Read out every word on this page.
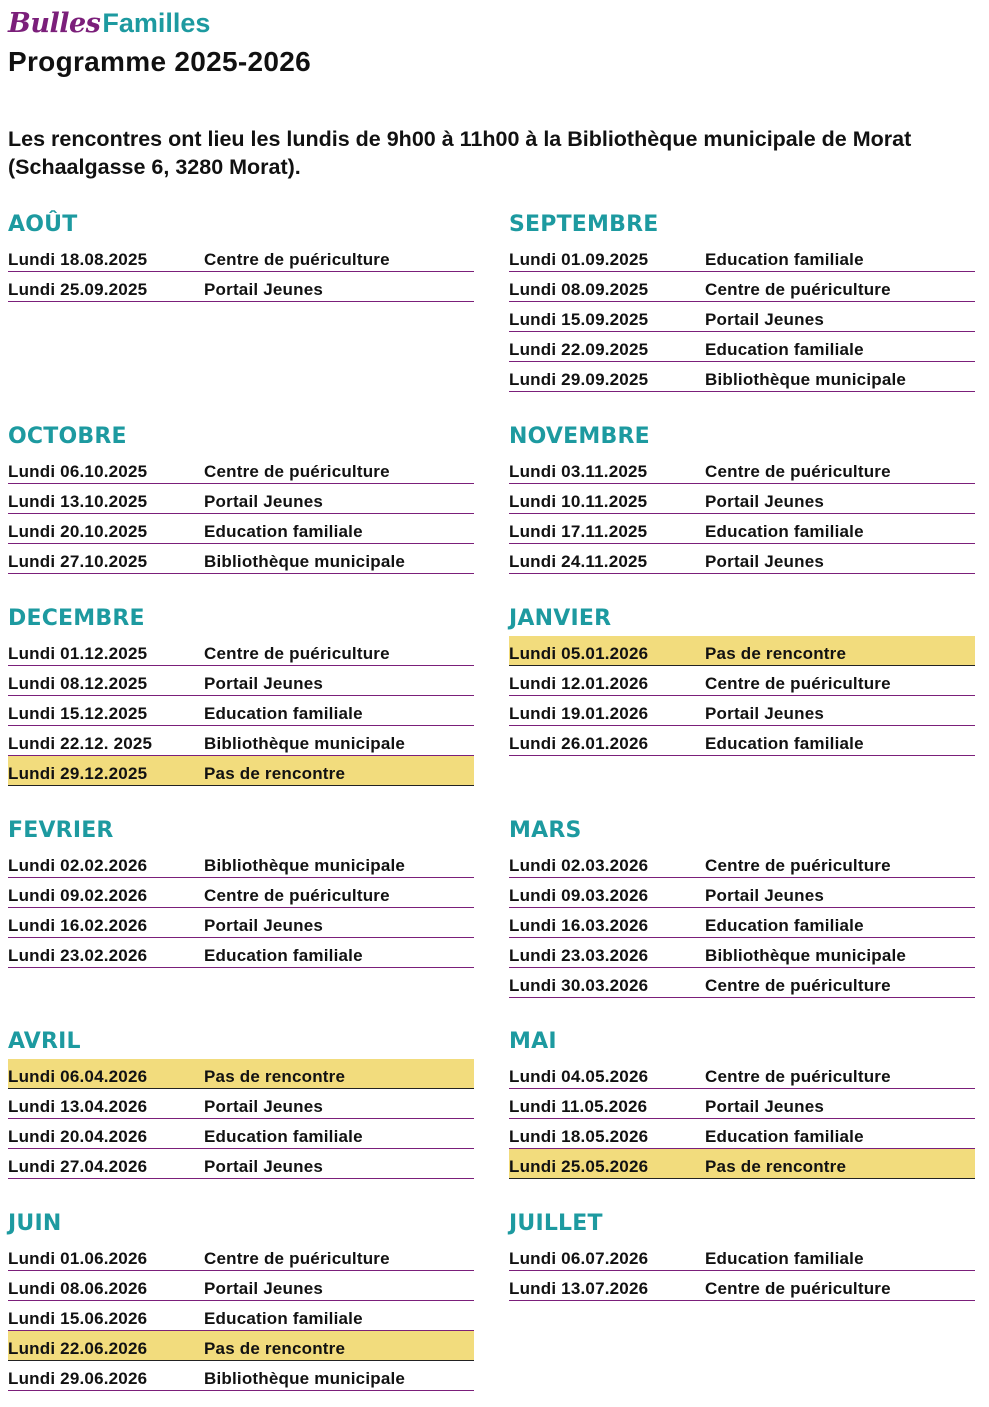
BullesFamilles
Programme 2025-2026

Les rencontres ont lieu les lundis de 9h00 à 11h00 à la Bibliothèque municipale de Morat (Schaalgasse 6, 3280 Morat).

AOÛT
Lundi 18.08.2025	Centre de puériculture
Lundi 25.09.2025	Portail Jeunes
SEPTEMBRE
Lundi 01.09.2025	Education familiale
Lundi 08.09.2025	Centre de puériculture
Lundi 15.09.2025	Portail Jeunes
Lundi 22.09.2025	Education familiale
Lundi 29.09.2025	Bibliothèque municipale
OCTOBRE
Lundi 06.10.2025	Centre de puériculture
Lundi 13.10.2025	Portail Jeunes
Lundi 20.10.2025	Education familiale
Lundi 27.10.2025	Bibliothèque municipale
NOVEMBRE
Lundi 03.11.2025	Centre de puériculture
Lundi 10.11.2025	Portail Jeunes
Lundi 17.11.2025	Education familiale
Lundi 24.11.2025	Portail Jeunes
DECEMBRE
Lundi 01.12.2025	Centre de puériculture
Lundi 08.12.2025	Portail Jeunes
Lundi 15.12.2025	Education familiale
Lundi 22.12. 2025	Bibliothèque municipale
Lundi 29.12.2025	Pas de rencontre
JANVIER
Lundi 05.01.2026	Pas de rencontre
Lundi 12.01.2026	Centre de puériculture
Lundi 19.01.2026	Portail Jeunes
Lundi 26.01.2026	Education familiale
FEVRIER
Lundi 02.02.2026	Bibliothèque municipale
Lundi 09.02.2026	Centre de puériculture
Lundi 16.02.2026	Portail Jeunes
Lundi 23.02.2026	Education familiale
MARS
Lundi 02.03.2026	Centre de puériculture
Lundi 09.03.2026	Portail Jeunes
Lundi 16.03.2026	Education familiale
Lundi 23.03.2026	Bibliothèque municipale
Lundi 30.03.2026	Centre de puériculture
AVRIL
Lundi 06.04.2026	Pas de rencontre
Lundi 13.04.2026	Portail Jeunes
Lundi 20.04.2026	Education familiale
Lundi 27.04.2026	Portail Jeunes
MAI
Lundi 04.05.2026	Centre de puériculture
Lundi 11.05.2026	Portail Jeunes
Lundi 18.05.2026	Education familiale
Lundi 25.05.2026	Pas de rencontre
JUIN
Lundi 01.06.2026	Centre de puériculture
Lundi 08.06.2026	Portail Jeunes
Lundi 15.06.2026	Education familiale
Lundi 22.06.2026	Pas de rencontre
Lundi 29.06.2026	Bibliothèque municipale
JUILLET
Lundi 06.07.2026	Education familiale
Lundi 13.07.2026	Centre de puériculture
